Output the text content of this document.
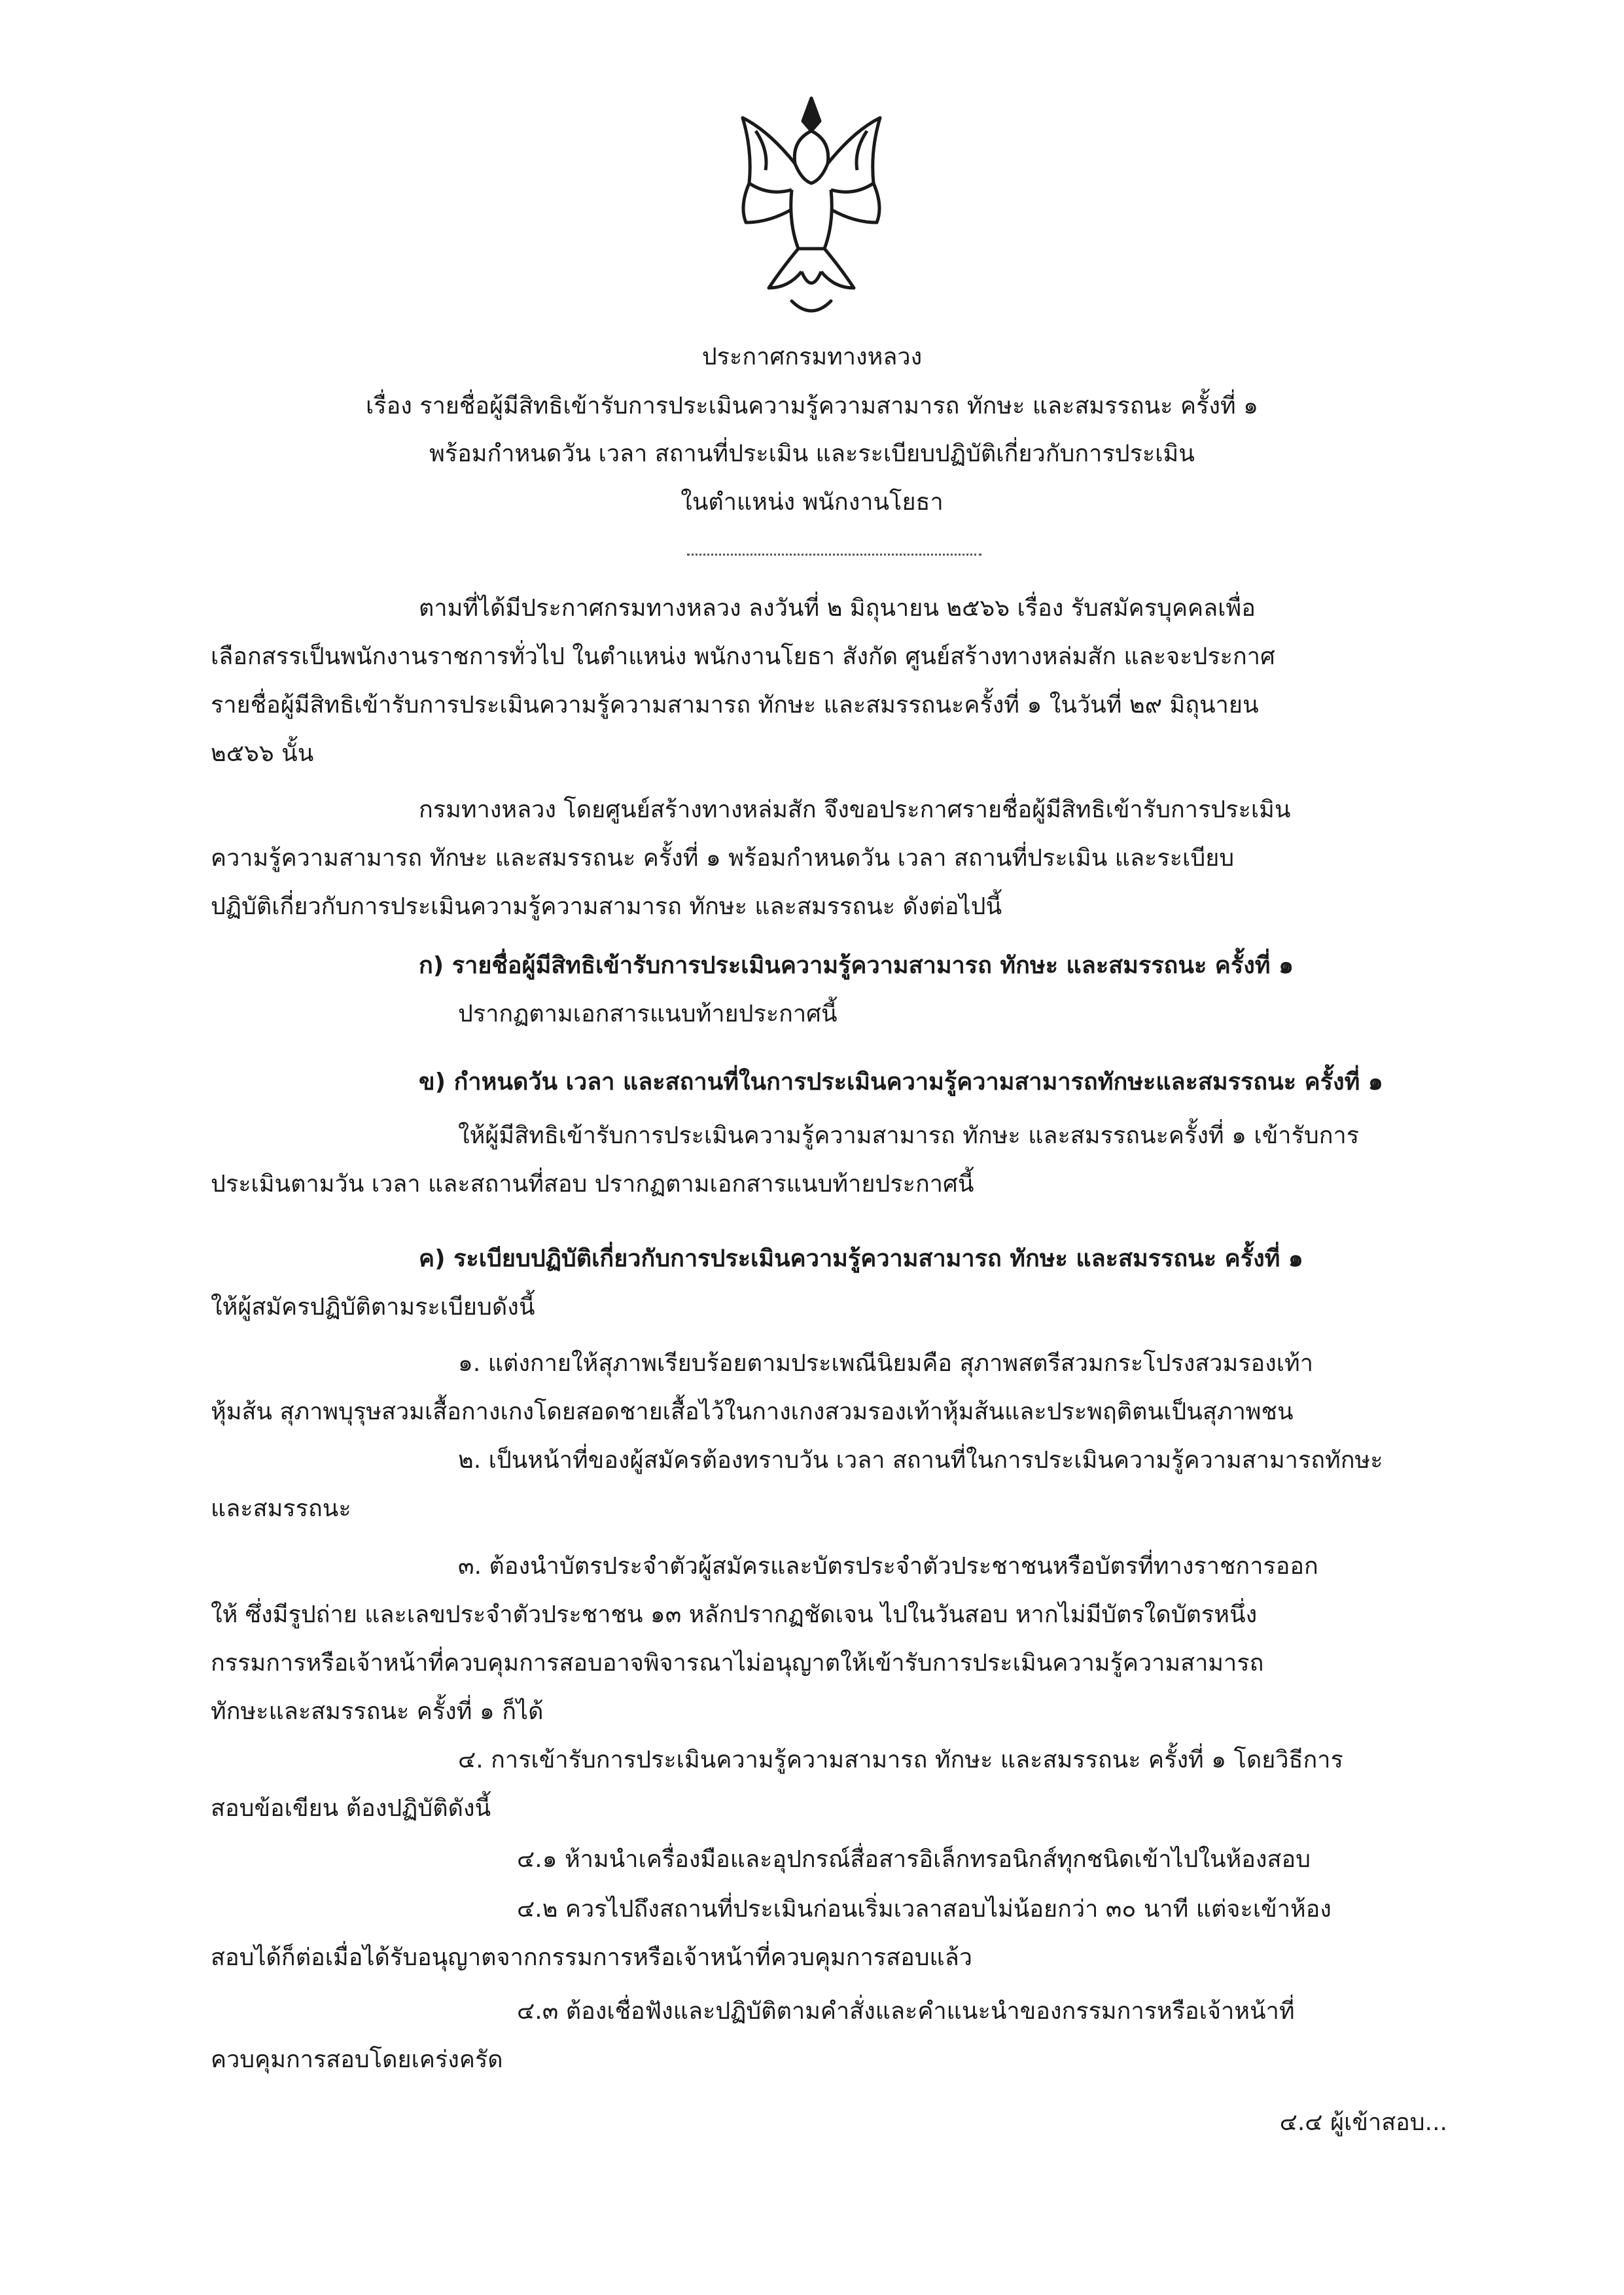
ประกาศกรมทางหลวง
เรื่อง รายชื่อผู้มีสิทธิเข้ารับการประเมินความรู้ความสามารถ ทักษะ และสมรรถนะ ครั้งที่ ๑
พร้อมกำหนดวัน เวลา สถานที่ประเมิน และระเบียบปฏิบัติเกี่ยวกับการประเมิน
ในตำแหน่ง พนักงานโยธา
ตามที่ได้มีประกาศกรมทางหลวง ลงวันที่ ๒ มิถุนายน ๒๕๖๖ เรื่อง รับสมัครบุคคลเพื่อ
เลือกสรรเป็นพนักงานราชการทั่วไป ในตำแหน่ง พนักงานโยธา สังกัด ศูนย์สร้างทางหล่มสัก และจะประกาศ
รายชื่อผู้มีสิทธิเข้ารับการประเมินความรู้ความสามารถ ทักษะ และสมรรถนะครั้งที่ ๑ ในวันที่ ๒๙ มิถุนายน
๒๕๖๖ นั้น
กรมทางหลวง โดยศูนย์สร้างทางหล่มสัก จึงขอประกาศรายชื่อผู้มีสิทธิเข้ารับการประเมิน
ความรู้ความสามารถ ทักษะ และสมรรถนะ ครั้งที่ ๑ พร้อมกำหนดวัน เวลา สถานที่ประเมิน และระเบียบ
ปฏิบัติเกี่ยวกับการประเมินความรู้ความสามารถ ทักษะ และสมรรถนะ ดังต่อไปนี้
ก) รายชื่อผู้มีสิทธิเข้ารับการประเมินความรู้ความสามารถ ทักษะ และสมรรถนะ ครั้งที่ ๑
ปรากฏตามเอกสารแนบท้ายประกาศนี้
ข) กำหนดวัน เวลา และสถานที่ในการประเมินความรู้ความสามารถทักษะและสมรรถนะ ครั้งที่ ๑
ให้ผู้มีสิทธิเข้ารับการประเมินความรู้ความสามารถ ทักษะ และสมรรถนะครั้งที่ ๑ เข้ารับการ
ประเมินตามวัน เวลา และสถานที่สอบ ปรากฏตามเอกสารแนบท้ายประกาศนี้
ค) ระเบียบปฏิบัติเกี่ยวกับการประเมินความรู้ความสามารถ ทักษะ และสมรรถนะ ครั้งที่ ๑
ให้ผู้สมัครปฏิบัติตามระเบียบดังนี้
๑. แต่งกายให้สุภาพเรียบร้อยตามประเพณีนิยมคือ สุภาพสตรีสวมกระโปรงสวมรองเท้า
หุ้มส้น สุภาพบุรุษสวมเสื้อกางเกงโดยสอดชายเสื้อไว้ในกางเกงสวมรองเท้าหุ้มส้นและประพฤติตนเป็นสุภาพชน
๒. เป็นหน้าที่ของผู้สมัครต้องทราบวัน เวลา สถานที่ในการประเมินความรู้ความสามารถทักษะ
และสมรรถนะ
๓. ต้องนำบัตรประจำตัวผู้สมัครและบัตรประจำตัวประชาชนหรือบัตรที่ทางราชการออก
ให้ ซึ่งมีรูปถ่าย และเลขประจำตัวประชาชน ๑๓ หลักปรากฏชัดเจน ไปในวันสอบ หากไม่มีบัตรใดบัตรหนึ่ง
กรรมการหรือเจ้าหน้าที่ควบคุมการสอบอาจพิจารณาไม่อนุญาตให้เข้ารับการประเมินความรู้ความสามารถ
ทักษะและสมรรถนะ ครั้งที่ ๑ ก็ได้
๔. การเข้ารับการประเมินความรู้ความสามารถ ทักษะ และสมรรถนะ ครั้งที่ ๑ โดยวิธีการ
สอบข้อเขียน ต้องปฏิบัติดังนี้
๔.๑ ห้ามนำเครื่องมือและอุปกรณ์สื่อสารอิเล็กทรอนิกส์ทุกชนิดเข้าไปในห้องสอบ
๔.๒ ควรไปถึงสถานที่ประเมินก่อนเริ่มเวลาสอบไม่น้อยกว่า ๓๐ นาที แต่จะเข้าห้อง
สอบได้ก็ต่อเมื่อได้รับอนุญาตจากกรรมการหรือเจ้าหน้าที่ควบคุมการสอบแล้ว
๔.๓ ต้องเชื่อฟังและปฏิบัติตามคำสั่งและคำแนะนำของกรรมการหรือเจ้าหน้าที่
ควบคุมการสอบโดยเคร่งครัด
๔.๔ ผู้เข้าสอบ...
